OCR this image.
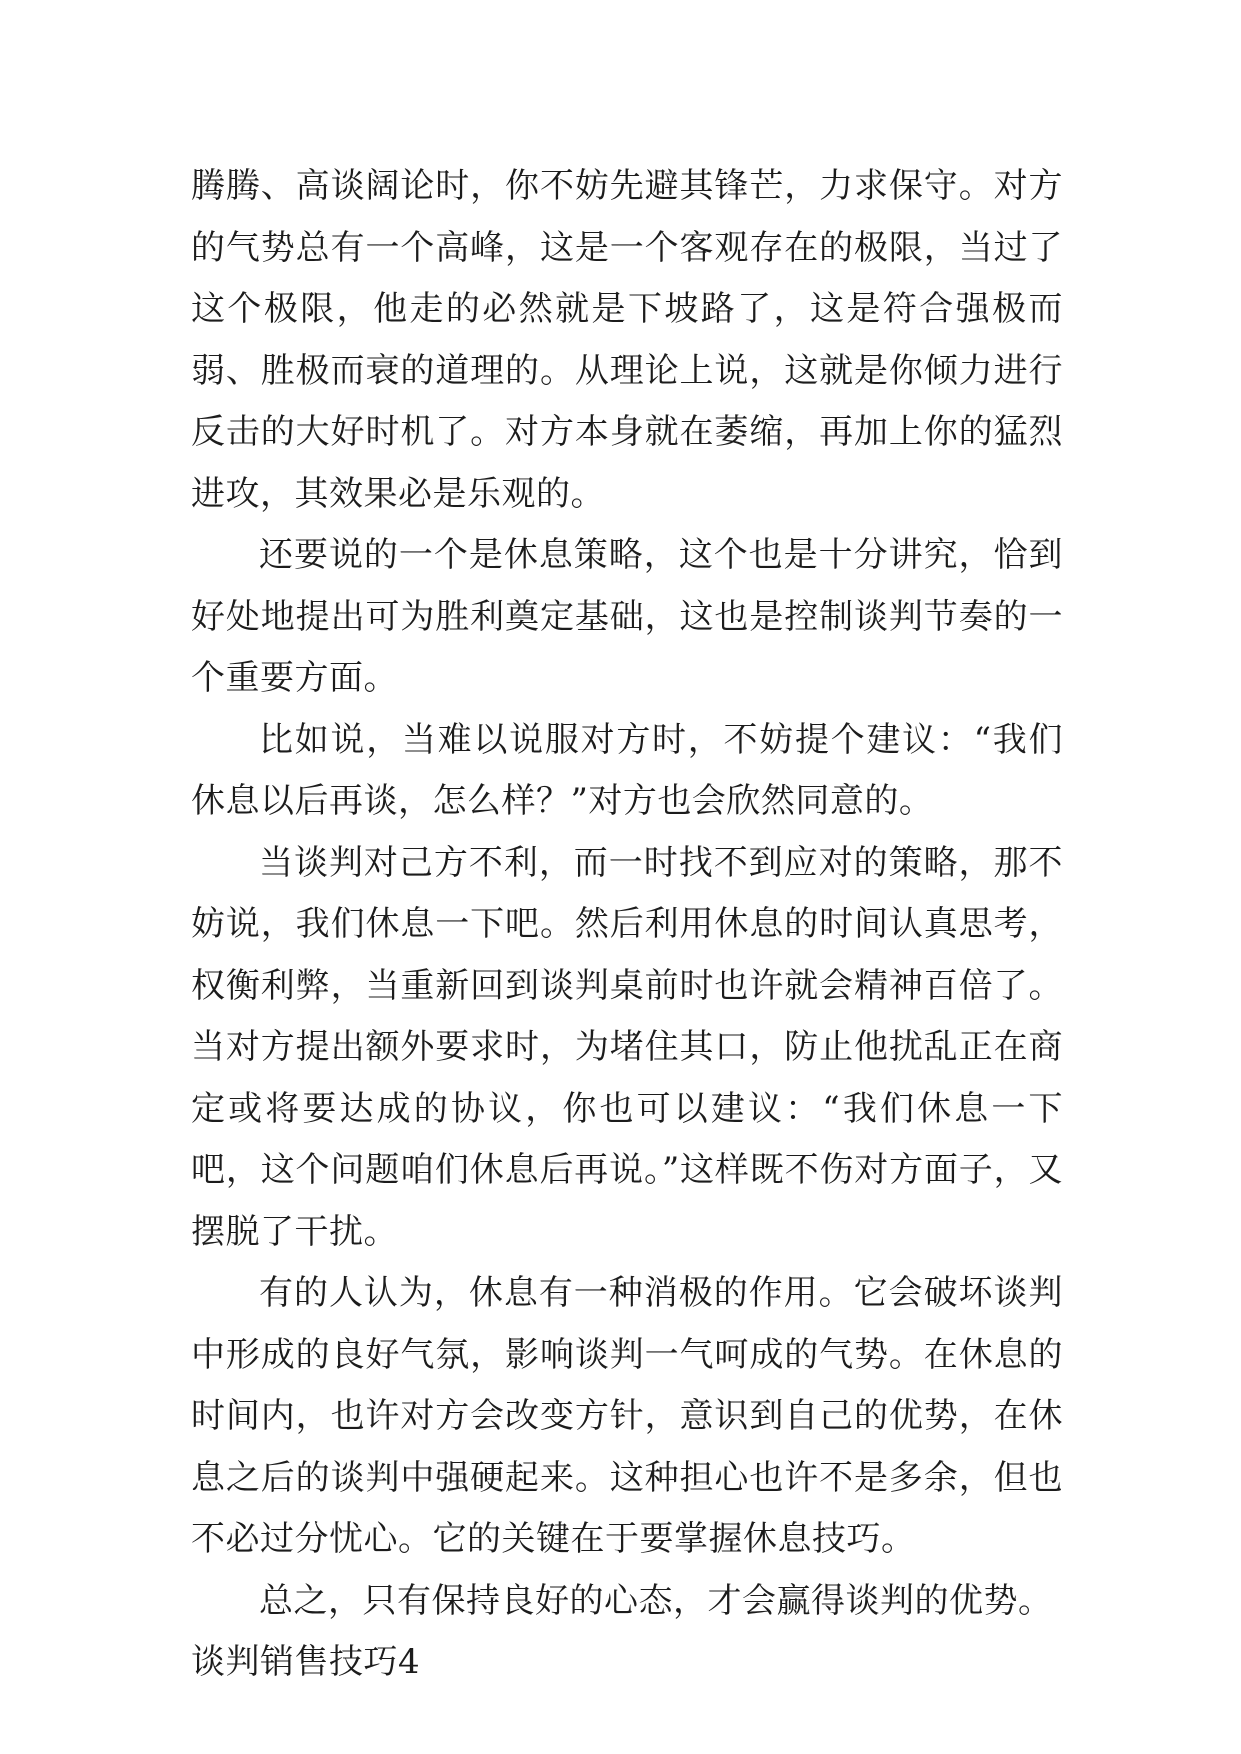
腾腾、高谈阔论时，你不妨先避其锋芒，力求保守。对方的气势总有一个高峰，这是一个客观存在的极限，当过了这个极限，他走的必然就是下坡路了，这是符合强极而弱、胜极而衰的道理的。从理论上说，这就是你倾力进行反击的大好时机了。对方本身就在萎缩，再加上你的猛烈进攻，其效果必是乐观的。

还要说的一个是休息策略，这个也是十分讲究，恰到好处地提出可为胜利奠定基础，这也是控制谈判节奏的一个重要方面。

比如说，当难以说服对方时，不妨提个建议：“我们休息以后再谈，怎么样？”对方也会欣然同意的。

当谈判对己方不利，而一时找不到应对的策略，那不妨说，我们休息一下吧。然后利用休息的时间认真思考，权衡利弊，当重新回到谈判桌前时也许就会精神百倍了。当对方提出额外要求时，为堵住其口，防止他扰乱正在商定或将要达成的协议，你也可以建议：“我们休息一下吧，这个问题咱们休息后再说。”这样既不伤对方面子，又摆脱了干扰。

有的人认为，休息有一种消极的作用。它会破坏谈判中形成的良好气氛，影响谈判一气呵成的气势。在休息的时间内，也许对方会改变方针，意识到自己的优势，在休息之后的谈判中强硬起来。这种担心也许不是多余，但也不必过分忧心。它的关键在于要掌握休息技巧。

总之，只有保持良好的心态，才会赢得谈判的优势。

谈判销售技巧4
